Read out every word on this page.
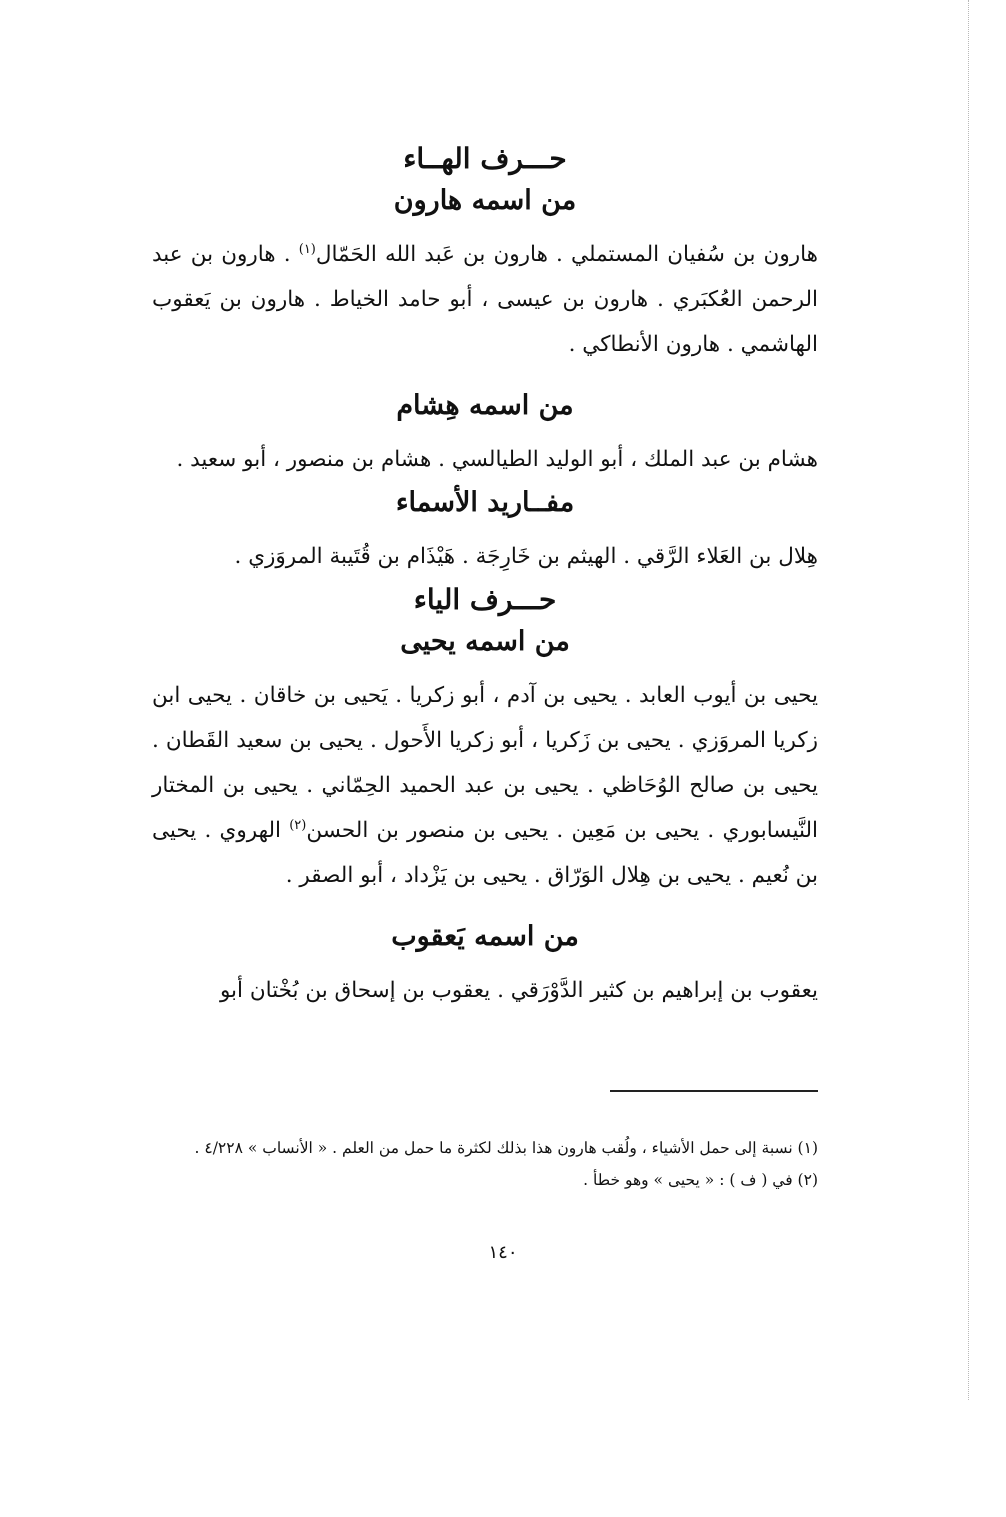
حـــرف الهــاء
من اسمه هارون

هارون بن سُفيان المستملي . هارون بن عَبد الله الحَمّال$^{(١)}$ . هارون بن عبد الرحمن العُكبَري . هارون بن عيسى ، أبو حامد الخياط . هارون بن يَعقوب الهاشمي . هارون الأنطاكي .

من اسمه هِشام

هشام بن عبد الملك ، أبو الوليد الطيالسي . هشام بن منصور ، أبو سعيد .

مفــاريد الأسماء

هِلال بن العَلاء الرَّقي . الهيثم بن خَارِجَة . هَيْذَام بن قُتَيبة المروَزي .

حـــرف الياء
من اسمه يحيى

يحيى بن أيوب العابد . يحيى بن آدم ، أبو زكريا . يَحيى بن خاقان . يحيى ابن زكريا المروَزي . يحيى بن زَكريا ، أبو زكريا الأَحول . يحيى بن سعيد القَطان . يحيى بن صالح الوُحَاظي . يحيى بن عبد الحميد الحِمّاني . يحيى بن المختار النَّيسابوري . يحيى بن مَعِين . يحيى بن منصور بن الحسن$^{(٢)}$ الهروي . يحيى بن نُعيم . يحيى بن هِلال الوَرّاق . يحيى بن يَزْداد ، أبو الصقر .

من اسمه يَعقوب

يعقوب بن إبراهيم بن كثير الدَّوْرَقي . يعقوب بن إسحاق بن بُخْتان أبو

(١) نسبة إلى حمل الأشياء ، ولُقب هارون هذا بذلك لكثرة ما حمل من العلم . « الأنساب » ٤/٢٢٨ .

(٢) في ( ف ) : « يحيى » وهو خطأ .

١٤٠
